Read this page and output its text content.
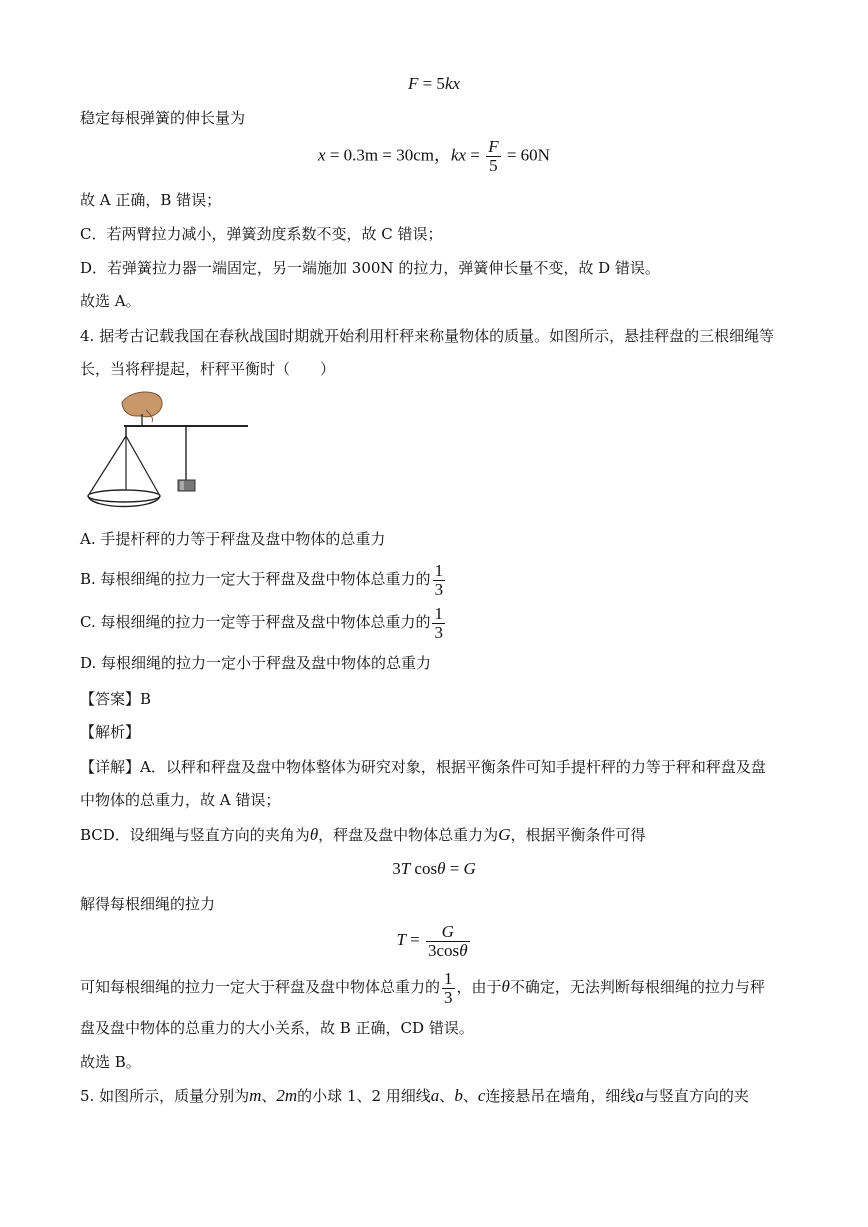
F = 5kx
稳定每根弹簧的伸长量为
x = 0.3m = 30cm，kx = $\frac{F}{5} = 60N$
故 A 正确，B 错误；
C．若两臂拉力减小，弹簧劲度系数不变，故 C 错误；
D．若弹簧拉力器一端固定，另一端施加 300N 的拉力，弹簧伸长量不变，故 D 错误。
故选 A。
4. 据考古记载我国在春秋战国时期就开始利用杆秤来称量物体的质量。如图所示，悬挂秤盘的三根细绳等
长，当将秤提起，杆秤平衡时（　　）
A. 手提杆秤的力等于秤盘及盘中物体的总重力
B. 每根细绳的拉力一定大于秤盘及盘中物体总重力的 $\frac{1}{3}$
C. 每根细绳的拉力一定等于秤盘及盘中物体总重力的 $\frac{1}{3}$
D. 每根细绳的拉力一定小于秤盘及盘中物体的总重力
【答案】B
【解析】
【详解】A．以秤和秤盘及盘中物体整体为研究对象，根据平衡条件可知手提杆秤的力等于秤和秤盘及盘
中物体的总重力，故 A 错误；
BCD．设细绳与竖直方向的夹角为θ，秤盘及盘中物体总重力为G，根据平衡条件可得
3T cosθ = G
解得每根细绳的拉力
$T = \frac{G}{3\cos\theta}$
可知每根细绳的拉力一定大于秤盘及盘中物体总重力的 $\frac{1}{3}$ ，由于θ不确定，无法判断每根细绳的拉力与秤
盘及盘中物体的总重力的大小关系，故 B 正确，CD 错误。
故选 B。
5. 如图所示，质量分别为m、2m的小球 1、2 用细线a、b、c连接悬吊在墙角，细线a与竖直方向的夹
